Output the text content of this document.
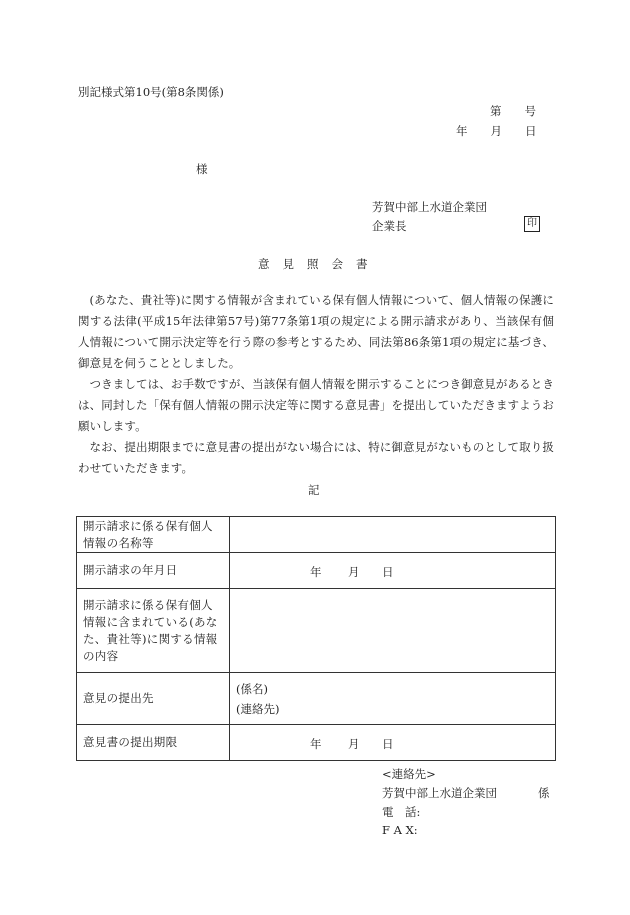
別記様式第10号(第8条関係)
第　　号
年　　月　　日
様
芳賀中部上水道企業団
企業長	印
意見照会書

(あなた、貴社等)に関する情報が含まれている保有個人情報について、個人情報の保護に関する法律(平成15年法律第57号)第77条第1項の規定による開示請求があり、当該保有個人情報について開示決定等を行う際の参考とするため、同法第86条第1項の規定に基づき、御意見を伺うこととしました。

つきましては、お手数ですが、当該保有個人情報を開示することにつき御意見があるときは、同封した「保有個人情報の開示決定等に関する意見書」を提出していただきますようお願いします。

なお、提出期限までに意見書の提出がない場合には、特に御意見がないものとして取り扱わせていただきます。

記
開示請求に係る保有個人情報の名称等	
開示請求の年月日	年 月 日

開示請求に係る保有個人情報に含まれている(あなた、貴社等)に関する情報の内容	
意見の提出先	(係名)
(連絡先)

意見書の提出期限	年 月 日
<連絡先>
芳賀中部上水道企業団	係
電　話:
F A X:
